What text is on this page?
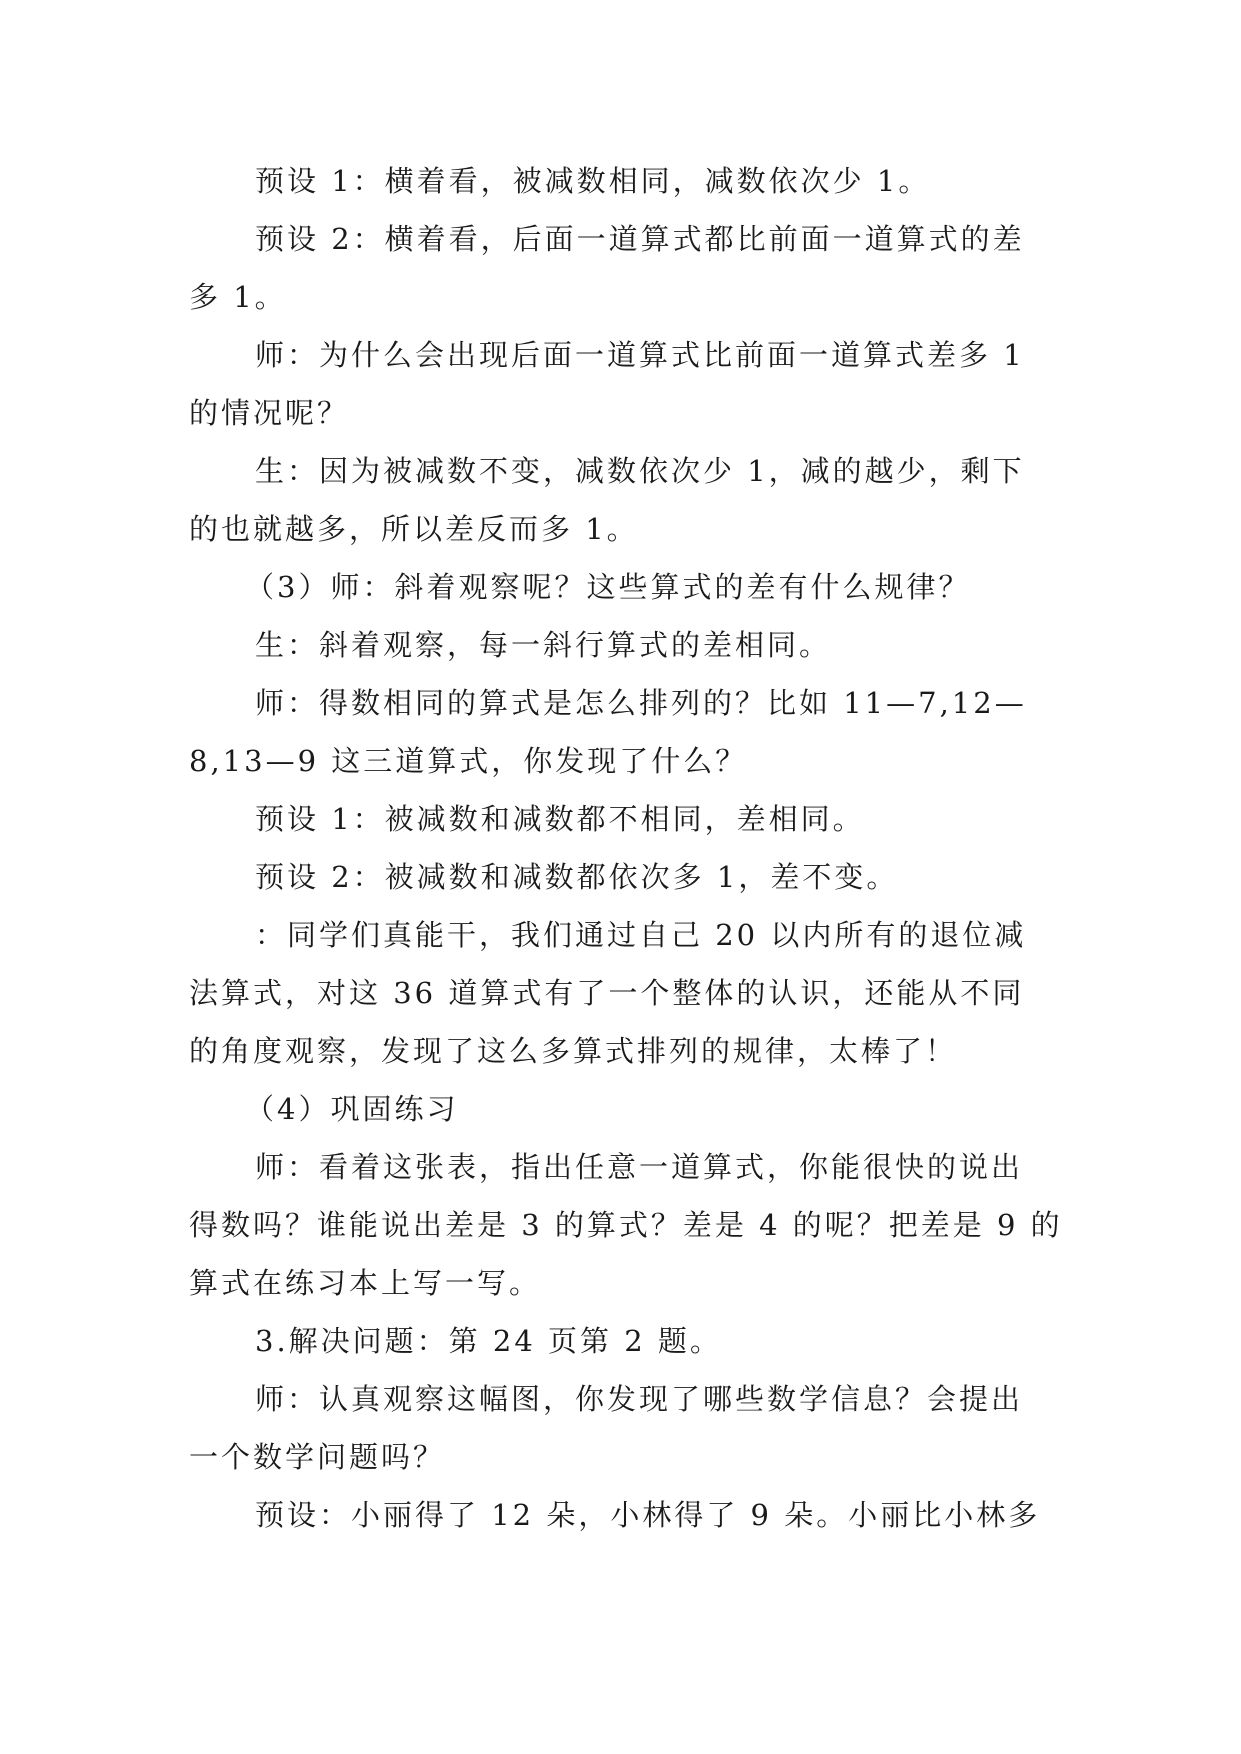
预设 1：横着看，被减数相同，减数依次少 1。

预设 2：横着看，后面一道算式都比前面一道算式的差

多 1。

师：为什么会出现后面一道算式比前面一道算式差多 1

的情况呢？

生：因为被减数不变，减数依次少 1，减的越少，剩下

的也就越多，所以差反而多 1。

（3）师：斜着观察呢？这些算式的差有什么规律？

生：斜着观察，每一斜行算式的差相同。

师：得数相同的算式是怎么排列的？比如 11—7,12—

8,13—9 这三道算式，你发现了什么？

预设 1：被减数和减数都不相同，差相同。

预设 2：被减数和减数都依次多 1，差不变。

：同学们真能干，我们通过自己 20 以内所有的退位减

法算式，对这 36 道算式有了一个整体的认识，还能从不同

的角度观察，发现了这么多算式排列的规律，太棒了！

（4）巩固练习

师：看着这张表，指出任意一道算式，你能很快的说出

得数吗？谁能说出差是 3 的算式？差是 4 的呢？把差是 9 的

算式在练习本上写一写。

3.解决问题：第 24 页第 2 题。

师：认真观察这幅图，你发现了哪些数学信息？会提出

一个数学问题吗？

预设：小丽得了 12 朵，小林得了 9 朵。小丽比小林多
